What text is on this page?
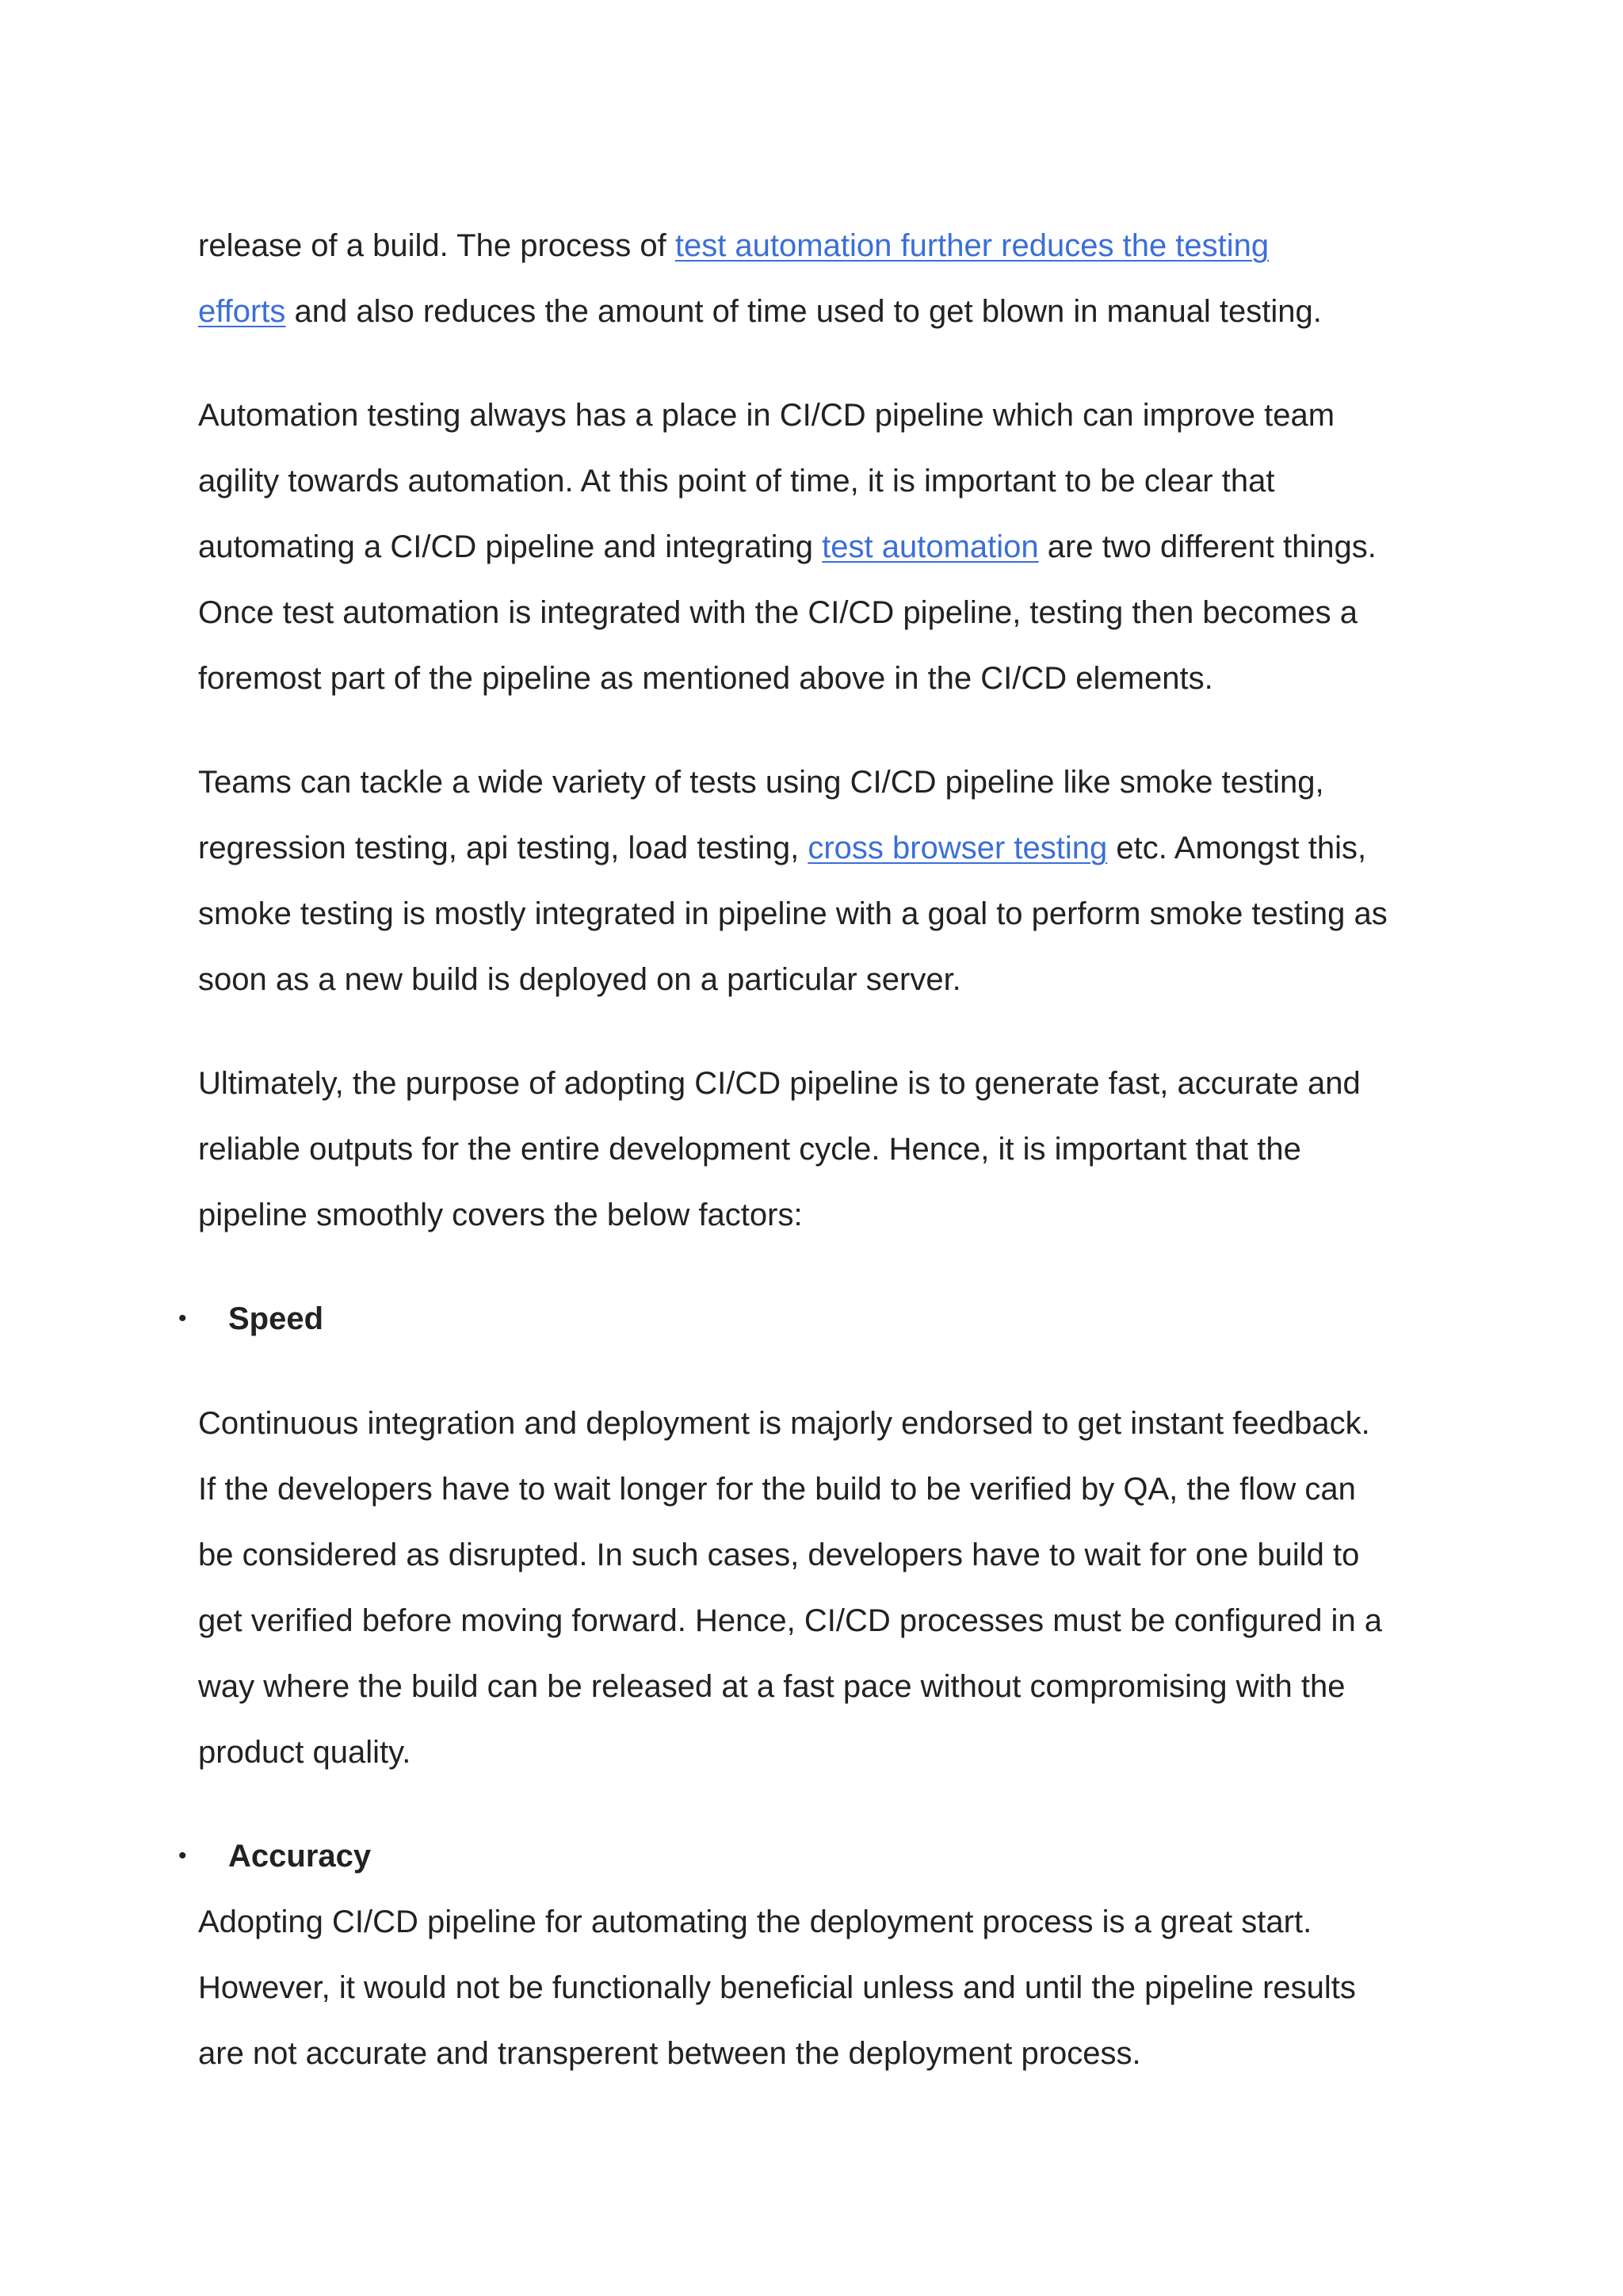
release of a build. The process of test automation further reduces the testing
efforts and also reduces the amount of time used to get blown in manual testing.
Automation testing always has a place in CI/CD pipeline which can improve team
agility towards automation. At this point of time, it is important to be clear that
automating a CI/CD pipeline and integrating test automation are two different things.
Once test automation is integrated with the CI/CD pipeline, testing then becomes a
foremost part of the pipeline as mentioned above in the CI/CD elements.
Teams can tackle a wide variety of tests using CI/CD pipeline like smoke testing,
regression testing, api testing, load testing, cross browser testing etc. Amongst this,
smoke testing is mostly integrated in pipeline with a goal to perform smoke testing as
soon as a new build is deployed on a particular server.
Ultimately, the purpose of adopting CI/CD pipeline is to generate fast, accurate and
reliable outputs for the entire development cycle. Hence, it is important that the
pipeline smoothly covers the below factors:
• Speed
Continuous integration and deployment is majorly endorsed to get instant feedback.
If the developers have to wait longer for the build to be verified by QA, the flow can
be considered as disrupted. In such cases, developers have to wait for one build to
get verified before moving forward. Hence, CI/CD processes must be configured in a
way where the build can be released at a fast pace without compromising with the
product quality.
• Accuracy
Adopting CI/CD pipeline for automating the deployment process is a great start.
However, it would not be functionally beneficial unless and until the pipeline results
are not accurate and transperent between the deployment process.
